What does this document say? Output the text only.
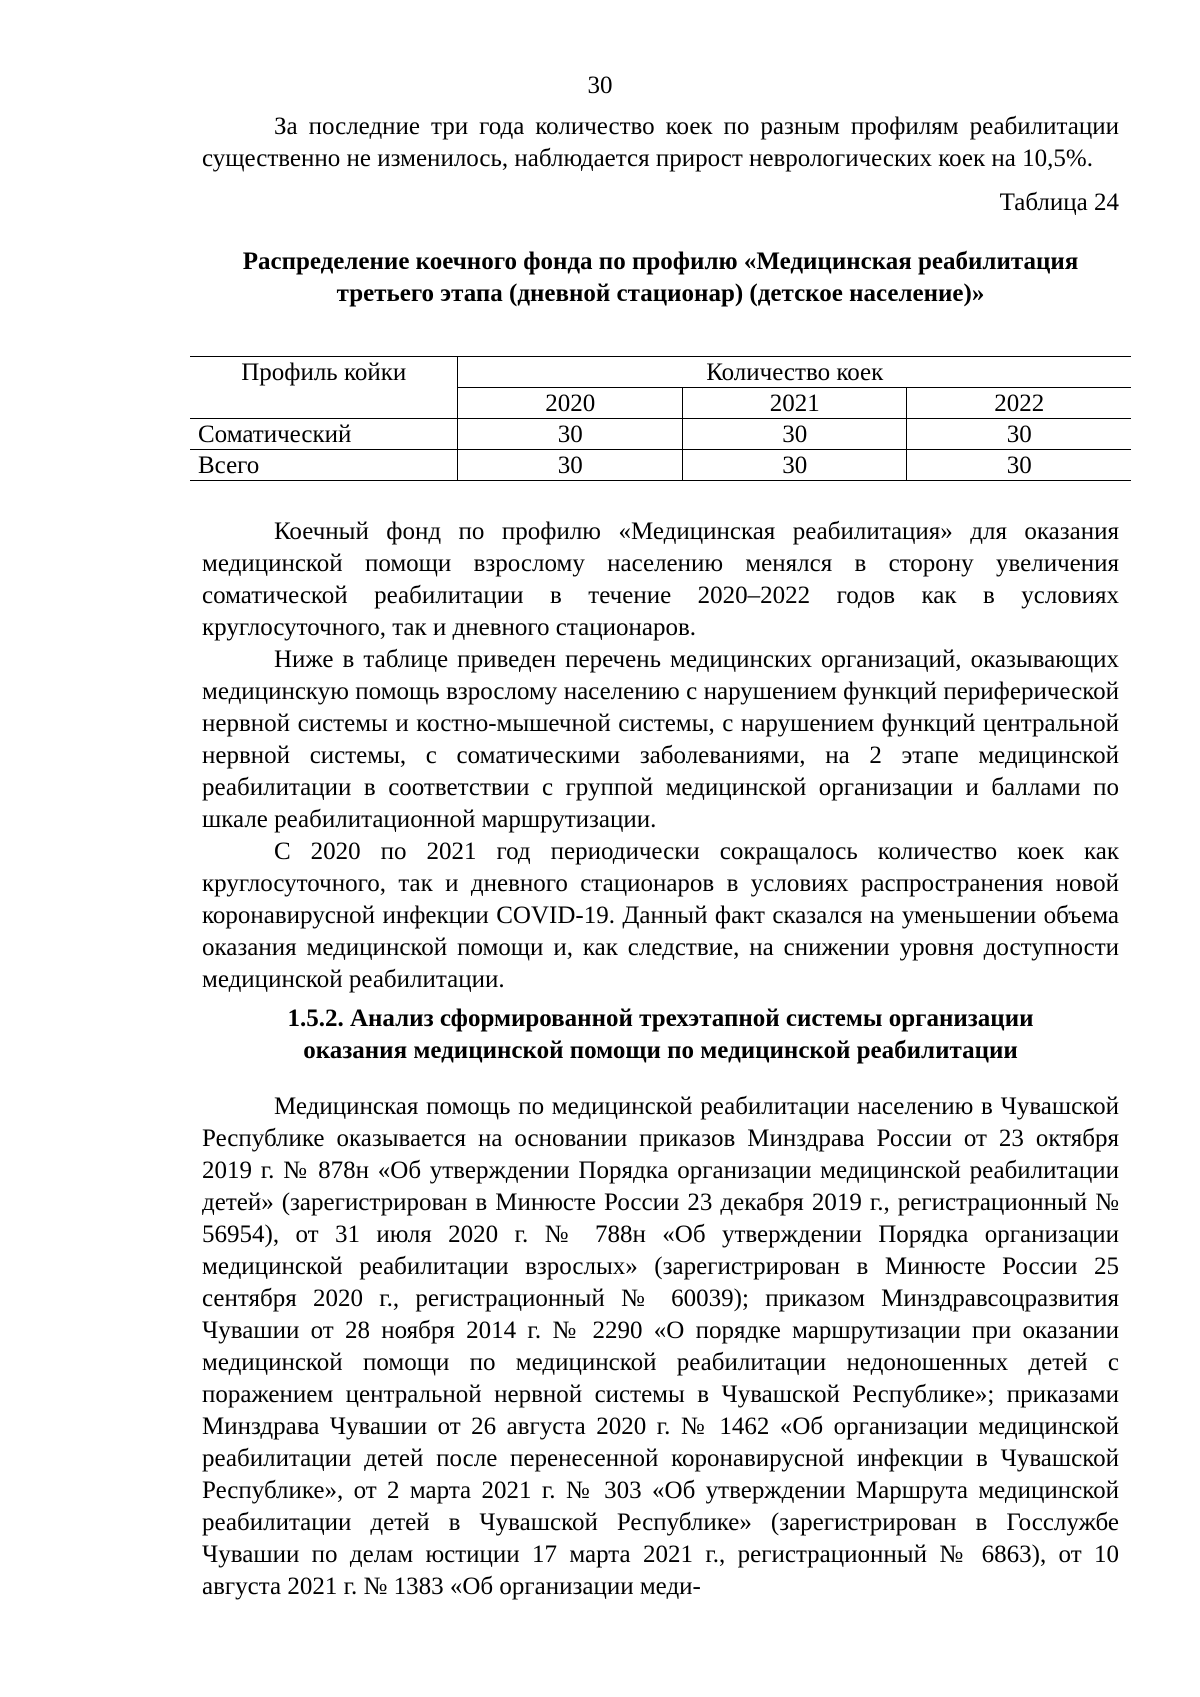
30

За последние три года количество коек по разным профилям реабилитации существенно не изменилось, наблюдается прирост неврологических коек на 10,5%.

Таблица 24
Распределение коечного фонда по профилю «Медицинская реабилитация
третьего этапа (дневной стационар) (детское население)»
Профиль койки	Количество коек		
	2020	2021	2022
Соматический	30	30	30
Всего	30	30	30

Коечный фонд по профилю «Медицинская реабилитация» для оказания медицинской помощи взрослому населению менялся в сторону увеличения соматической реабилитации в течение 2020–2022 годов как в условиях круглосуточного, так и дневного стационаров.

Ниже в таблице приведен перечень медицинских организаций, оказывающих медицинскую помощь взрослому населению с нарушением функций периферической нервной системы и костно-мышечной системы, с нарушением функций центральной нервной системы, с соматическими заболеваниями, на 2 этапе медицинской реабилитации в соответствии с группой медицинской организации и баллами по шкале реабилитационной маршрутизации.

С 2020 по 2021 год периодически сокращалось количество коек как круглосуточного, так и дневного стационаров в условиях распространения новой коронавирусной инфекции COVID-19. Данный факт сказался на уменьшении объема оказания медицинской помощи и, как следствие, на снижении уровня доступности медицинской реабилитации.

1.5.2. Анализ сформированной трехэтапной системы организации
оказания медицинской помощи по медицинской реабилитации

Медицинская помощь по медицинской реабилитации населению в Чувашской Республике оказывается на основании приказов Минздрава России от 23 октября 2019 г. № 878н «Об утверждении Порядка организации медицинской реабилитации детей» (зарегистрирован в Минюсте России 23 декабря 2019 г., регистрационный № 56954), от 31 июля 2020 г. № 788н «Об утверждении Порядка организации медицинской реабилитации взрослых» (зарегистрирован в Минюсте России 25 сентября 2020 г., регистрационный № 60039); приказом Минздравсоцразвития Чувашии от 28 ноября 2014 г. № 2290 «О порядке маршрутизации при оказании медицинской помощи по медицинской реабилитации недоношенных детей с поражением центральной нервной системы в Чувашской Республике»; приказами Минздрава Чувашии от 26 августа 2020 г. № 1462 «Об организации медицинской реабилитации детей после перенесенной коронавирусной инфекции в Чувашской Республике», от 2 марта 2021 г. № 303 «Об утверждении Маршрута медицинской реабилитации детей в Чувашской Республике» (зарегистрирован в Госслужбе Чувашии по делам юстиции 17 марта 2021 г., регистрационный № 6863), от 10 августа 2021 г. № 1383 «Об организации меди-
